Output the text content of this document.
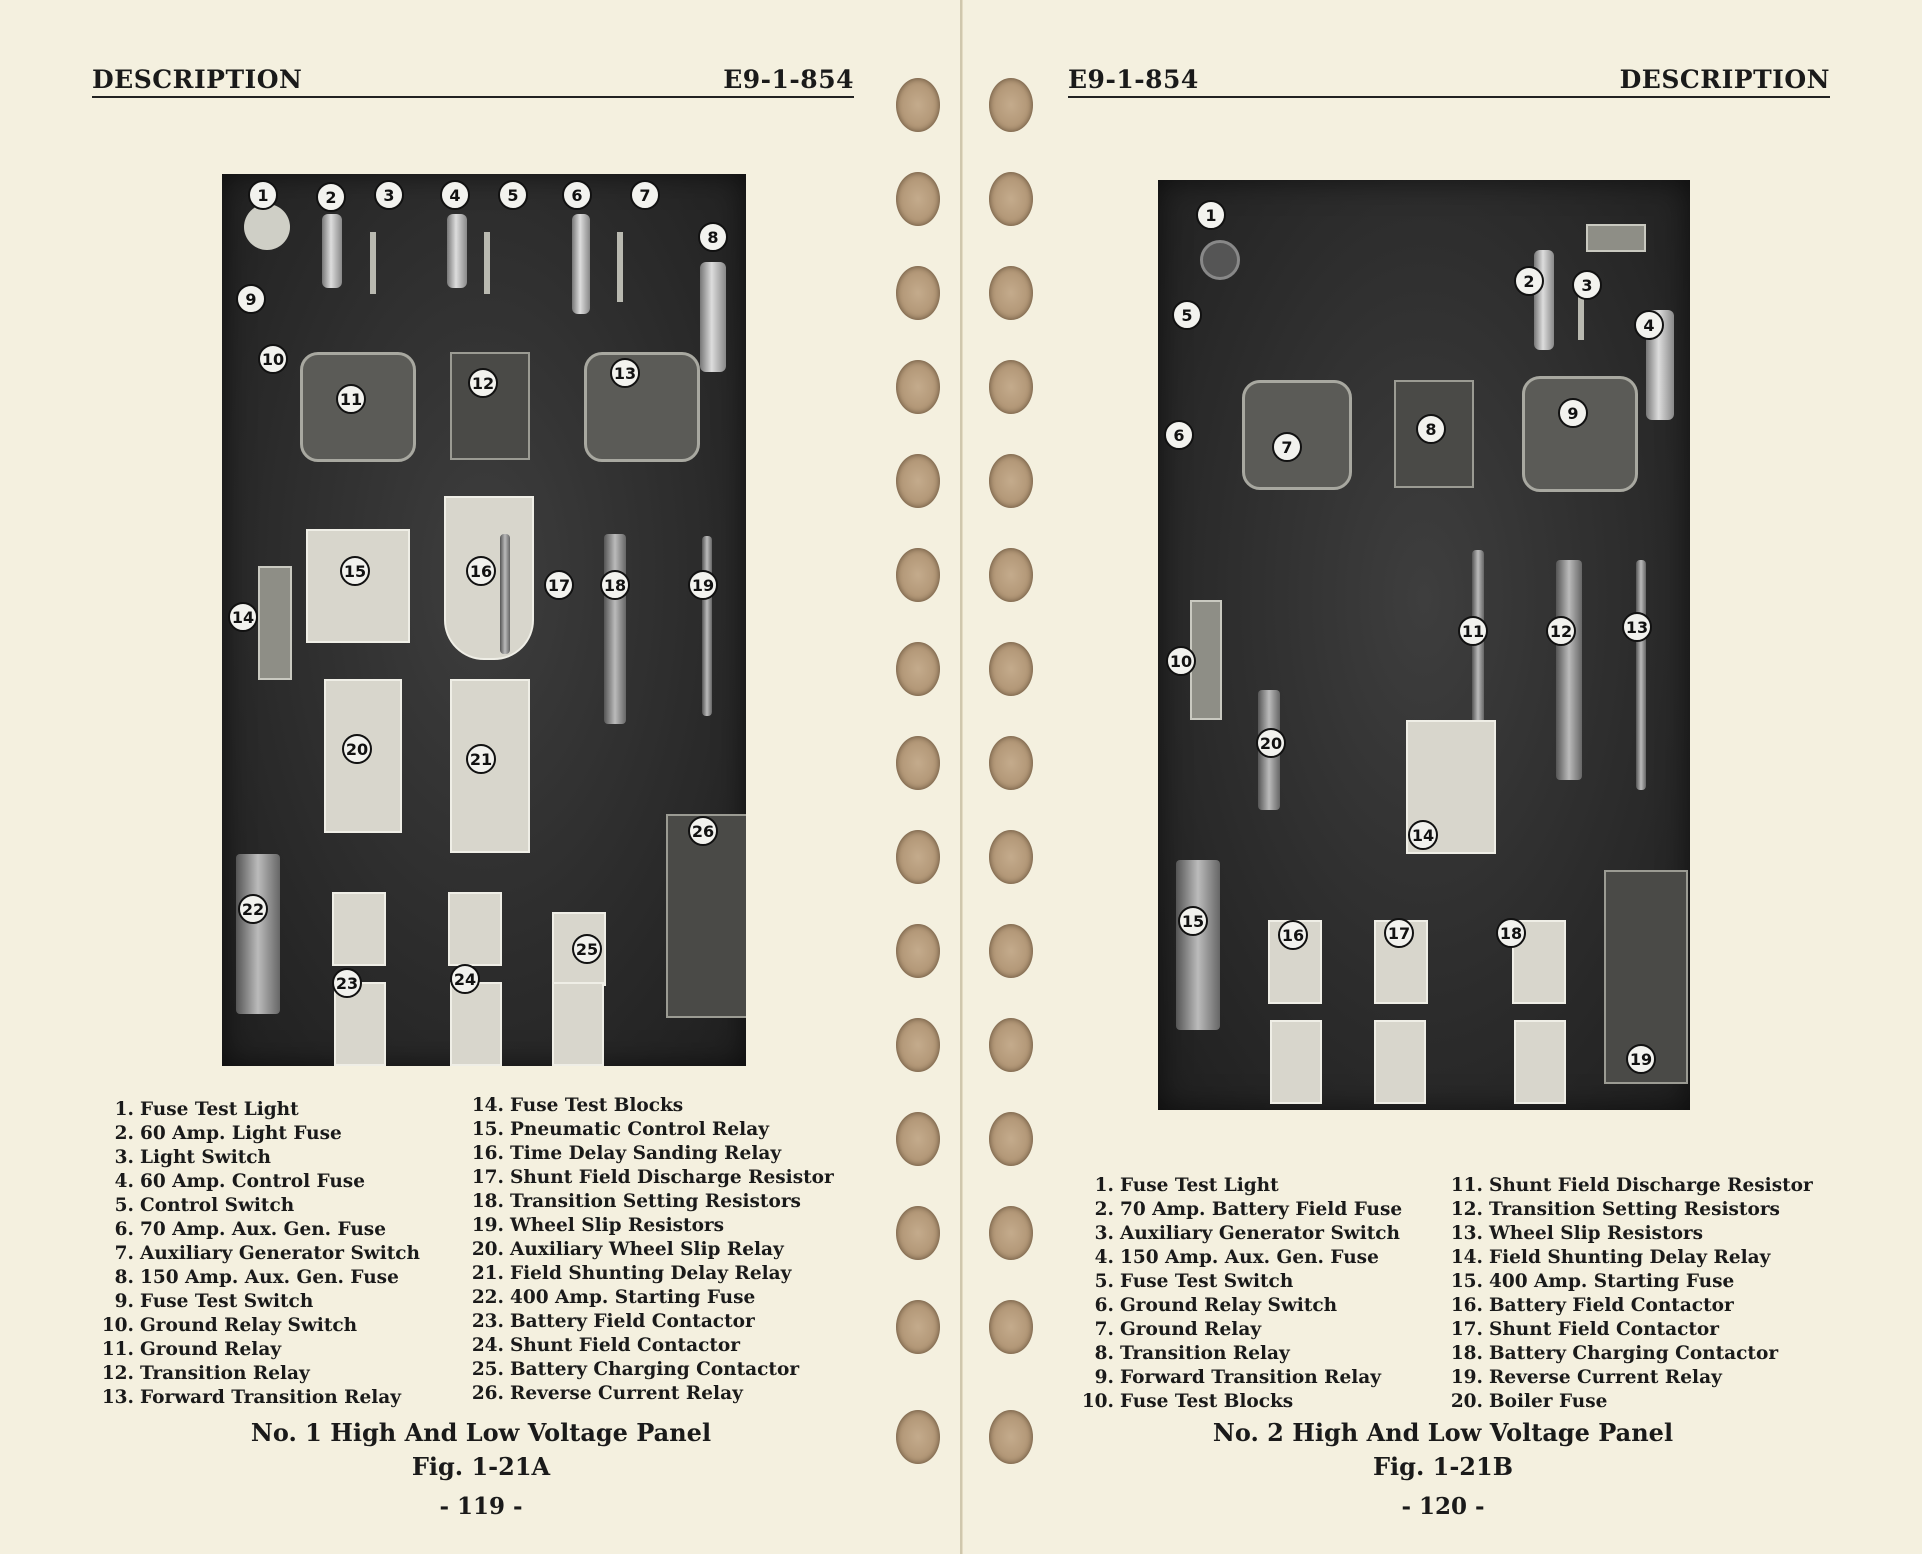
DESCRIPTION	E9-1-854
1	2	3	4	5	6	7
8
9
10
11
12
13
14
15	16
17 18	19
20
21
22
23	24
25
26
1. Fuse Test Light
2. 60 Amp. Light Fuse
3. Light Switch
4. 60 Amp. Control Fuse
5. Control Switch
6. 70 Amp. Aux. Gen. Fuse
7. Auxiliary Generator Switch
8. 150 Amp. Aux. Gen. Fuse
9. Fuse Test Switch
10. Ground Relay Switch
11. Ground Relay
12. Transition Relay
13. Forward Transition Relay
14. Fuse Test Blocks
15. Pneumatic Control Relay
16. Time Delay Sanding Relay
17. Shunt Field Discharge Resistor
18. Transition Setting Resistors
19. Wheel Slip Resistors
20. Auxiliary Wheel Slip Relay
21. Field Shunting Delay Relay
22. 400 Amp. Starting Fuse
23. Battery Field Contactor
24. Shunt Field Contactor
25. Battery Charging Contactor
26. Reverse Current Relay
No. 1 High And Low Voltage Panel
Fig. 1-21A
- 119 -
E9-1-854	DESCRIPTION
1
2	3
4
5
6
7
8
9
10
11	12	13
14
15
16	17	18
19
20
1. Fuse Test Light
2. 70 Amp. Battery Field Fuse
3. Auxiliary Generator Switch
4. 150 Amp. Aux. Gen. Fuse
5. Fuse Test Switch
6. Ground Relay Switch
7. Ground Relay
8. Transition Relay
9. Forward Transition Relay
10. Fuse Test Blocks
11. Shunt Field Discharge Resistor
12. Transition Setting Resistors
13. Wheel Slip Resistors
14. Field Shunting Delay Relay
15. 400 Amp. Starting Fuse
16. Battery Field Contactor
17. Shunt Field Contactor
18. Battery Charging Contactor
19. Reverse Current Relay
20. Boiler Fuse
No. 2 High And Low Voltage Panel
Fig. 1-21B
- 120 -
